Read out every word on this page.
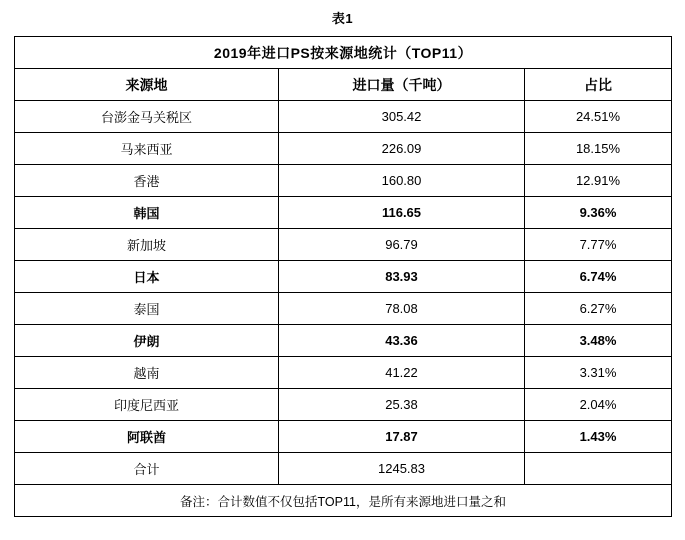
表1
2019年进口PS按来源地统计（TOP11）		
来源地	进口量（千吨）	占比
台澎金马关税区	305.42	24.51%
马来西亚	226.09	18.15%
香港	160.80	12.91%
韩国	116.65	9.36%
新加坡	96.79	7.77%
日本	83.93	6.74%
泰国	78.08	6.27%
伊朗	43.36	3.48%
越南	41.22	3.31%
印度尼西亚	25.38	2.04%
阿联酋	17.87	1.43%
合计	1245.83	
备注：合计数值不仅包括TOP11，是所有来源地进口量之和		
